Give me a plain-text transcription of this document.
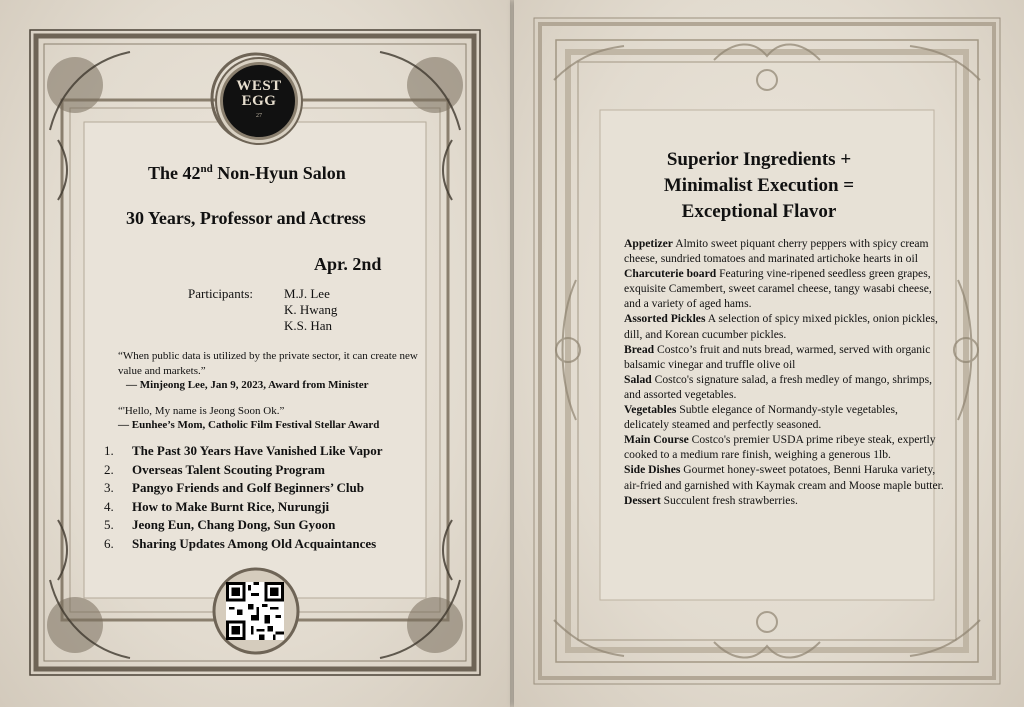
WEST
EGG
27
The 42nd Non-Hyun Salon
30 Years, Professor and Actress
Apr. 2nd
Participants: M.J. Lee
K. Hwang
K.S. Han
“When public data is utilized by the private sector, it can create new value and markets.”
— Minjeong Lee, Jan 9, 2023, Award from Minister
“'Hello, My name is Jeong Soon Ok.”
— Eunhee’s Mom, Catholic Film Festival Stellar Award
1. The Past 30 Years Have Vanished Like Vapor
2. Overseas Talent Scouting Program
3. Pangyo Friends and Golf Beginners’ Club
4. How to Make Burnt Rice, Nurungji
5. Jeong Eun, Chang Dong, Sun Gyoon
6. Sharing Updates Among Old Acquaintances
Superior Ingredients +
Minimalist Execution =
Exceptional Flavor

Appetizer Almito sweet piquant cherry peppers with spicy cream cheese, sundried tomatoes and marinated artichoke hearts in oil

Charcuterie board Featuring vine-ripened seedless green grapes, exquisite Camembert, sweet caramel cheese, tangy wasabi cheese, and a variety of aged hams.

Assorted Pickles A selection of spicy mixed pickles, onion pickles, dill, and Korean cucumber pickles.

Bread Costco’s fruit and nuts bread, warmed, served with organic balsamic vinegar and truffle olive oil

Salad Costco's signature salad, a fresh medley of mango, shrimps, and assorted vegetables.

Vegetables Subtle elegance of Normandy-style vegetables, delicately steamed and perfectly seasoned.

Main Course Costco's premier USDA prime ribeye steak, expertly cooked to a medium rare finish, weighing a generous 1lb.

Side Dishes Gourmet honey-sweet potatoes, Benni Haruka variety, air-fried and garnished with Kaymak cream and Moose maple butter.

Dessert Succulent fresh strawberries.
